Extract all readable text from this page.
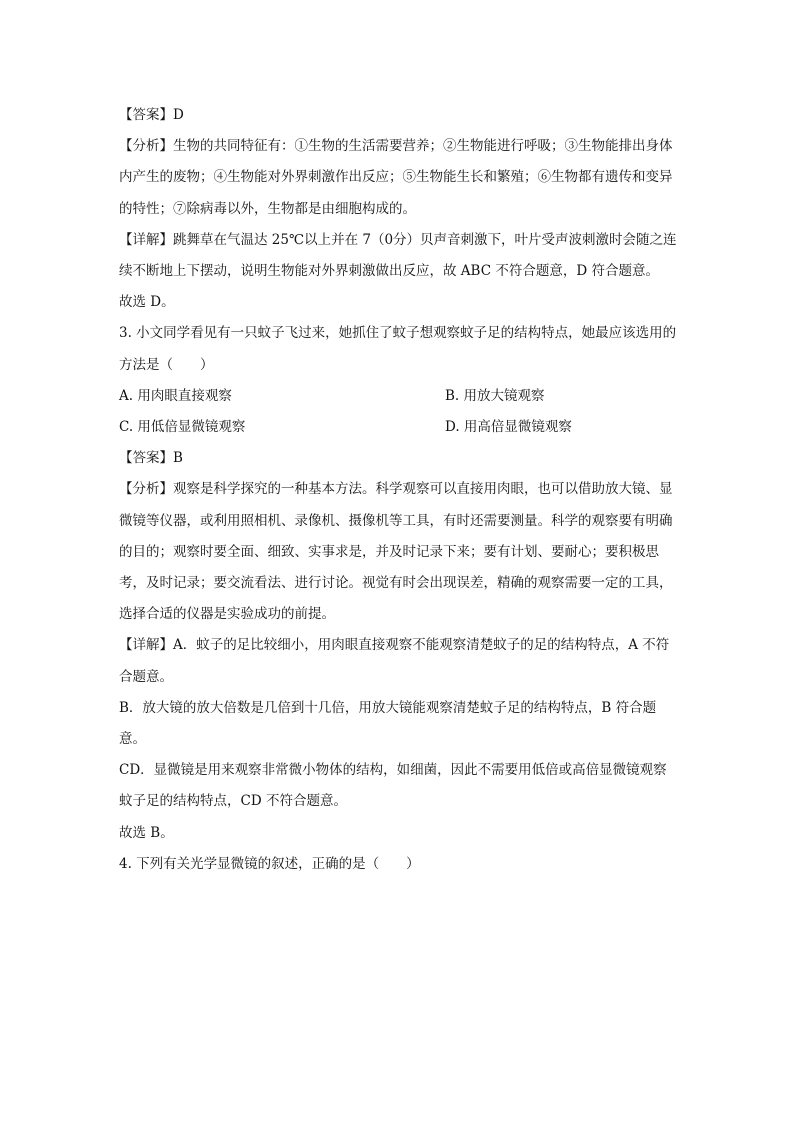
【答案】D

【分析】生物的共同特征有：①生物的生活需要营养；②生物能进行呼吸；③生物能排出身体内产生的废物；④生物能对外界刺激作出反应；⑤生物能生长和繁殖；⑥生物都有遗传和变异的特性；⑦除病毒以外，生物都是由细胞构成的。

【详解】跳舞草在气温达 25℃以上并在 7（0分）贝声音刺激下，叶片受声波刺激时会随之连续不断地上下摆动，说明生物能对外界刺激做出反应，故 ABC 不符合题意，D 符合题意。

故选 D。

3. 小文同学看见有一只蚊子飞过来，她抓住了蚊子想观察蚊子足的结构特点，她最应该选用的方法是（　　）

A. 用肉眼直接观察	B. 用放大镜观察
C. 用低倍显微镜观察	D. 用高倍显微镜观察

【答案】B

【分析】观察是科学探究的一种基本方法。科学观察可以直接用肉眼，也可以借助放大镜、显微镜等仪器，或利用照相机、录像机、摄像机等工具，有时还需要测量。科学的观察要有明确的目的；观察时要全面、细致、实事求是，并及时记录下来；要有计划、要耐心；要积极思考，及时记录；要交流看法、进行讨论。视觉有时会出现误差，精确的观察需要一定的工具，选择合适的仪器是实验成功的前提。

【详解】A．蚊子的足比较细小，用肉眼直接观察不能观察清楚蚊子的足的结构特点，A 不符合题意。

B．放大镜的放大倍数是几倍到十几倍，用放大镜能观察清楚蚊子足的结构特点，B 符合题意。

CD．显微镜是用来观察非常微小物体的结构，如细菌，因此不需要用低倍或高倍显微镜观察蚊子足的结构特点，CD 不符合题意。

故选 B。

4. 下列有关光学显微镜的叙述，正确的是（　　）
